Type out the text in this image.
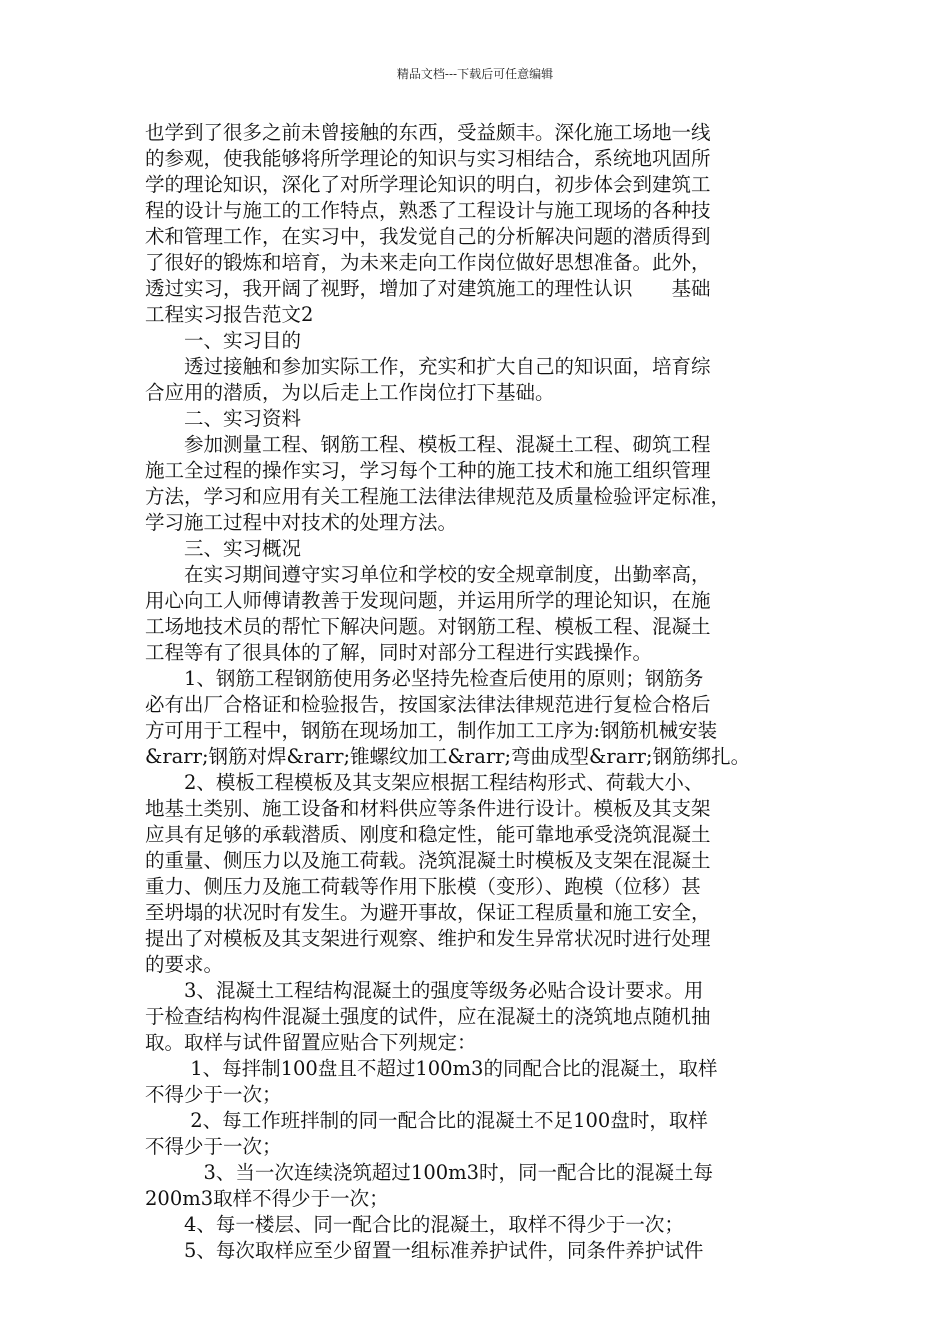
精品文档---下载后可任意编辑
也学到了很多之前未曾接触的东西，受益颇丰。深化施工场地一线
的参观，使我能够将所学理论的知识与实习相结合，系统地巩固所
学的理论知识，深化了对所学理论知识的明白，初步体会到建筑工
程的设计与施工的工作特点，熟悉了工程设计与施工现场的各种技
术和管理工作，在实习中，我发觉自己的分析解决问题的潜质得到
了很好的锻炼和培育，为未来走向工作岗位做好思想准备。此外，
透过实习，我开阔了视野，增加了对建筑施工的理性认识　　基础
工程实习报告范文2
　　一、实习目的
　　透过接触和参加实际工作，充实和扩大自己的知识面，培育综
合应用的潜质，为以后走上工作岗位打下基础。
　　二、实习资料
　　参加测量工程、钢筋工程、模板工程、混凝土工程、砌筑工程
施工全过程的操作实习，学习每个工种的施工技术和施工组织管理
方法，学习和应用有关工程施工法律法律规范及质量检验评定标准，
学习施工过程中对技术的处理方法。
　　三、实习概况
　　在实习期间遵守实习单位和学校的安全规章制度，出勤率高，
用心向工人师傅请教善于发现问题，并运用所学的理论知识，在施
工场地技术员的帮忙下解决问题。对钢筋工程、模板工程、混凝土
工程等有了很具体的了解，同时对部分工程进行实践操作。
　　1、钢筋工程钢筋使用务必坚持先检查后使用的原则；钢筋务
必有出厂合格证和检验报告，按国家法律法律规范进行复检合格后
方可用于工程中，钢筋在现场加工，制作加工工序为:钢筋机械安装
&rarr;钢筋对焊&rarr;锥螺纹加工&rarr;弯曲成型&rarr;钢筋绑扎。
　　2、模板工程模板及其支架应根据工程结构形式、荷载大小、
地基土类别、施工设备和材料供应等条件进行设计。模板及其支架
应具有足够的承载潜质、刚度和稳定性，能可靠地承受浇筑混凝土
的重量、侧压力以及施工荷载。浇筑混凝土时模板及支架在混凝土
重力、侧压力及施工荷载等作用下胀模（变形）、跑模（位移）甚
至坍塌的状况时有发生。为避开事故，保证工程质量和施工安全，
提出了对模板及其支架进行观察、维护和发生异常状况时进行处理
的要求。
　　3、混凝土工程结构混凝土的强度等级务必贴合设计要求。用
于检查结构构件混凝土强度的试件，应在混凝土的浇筑地点随机抽
取。取样与试件留置应贴合下列规定：
　　 1、每拌制100盘且不超过100m3的同配合比的混凝土，取样
不得少于一次；
　　 2、每工作班拌制的同一配合比的混凝土不足100盘时，取样
不得少于一次；
　　　3、当一次连续浇筑超过100m3时，同一配合比的混凝土每
200m3取样不得少于一次；
　　4、每一楼层、同一配合比的混凝土，取样不得少于一次；
　　5、每次取样应至少留置一组标准养护试件，同条件养护试件
